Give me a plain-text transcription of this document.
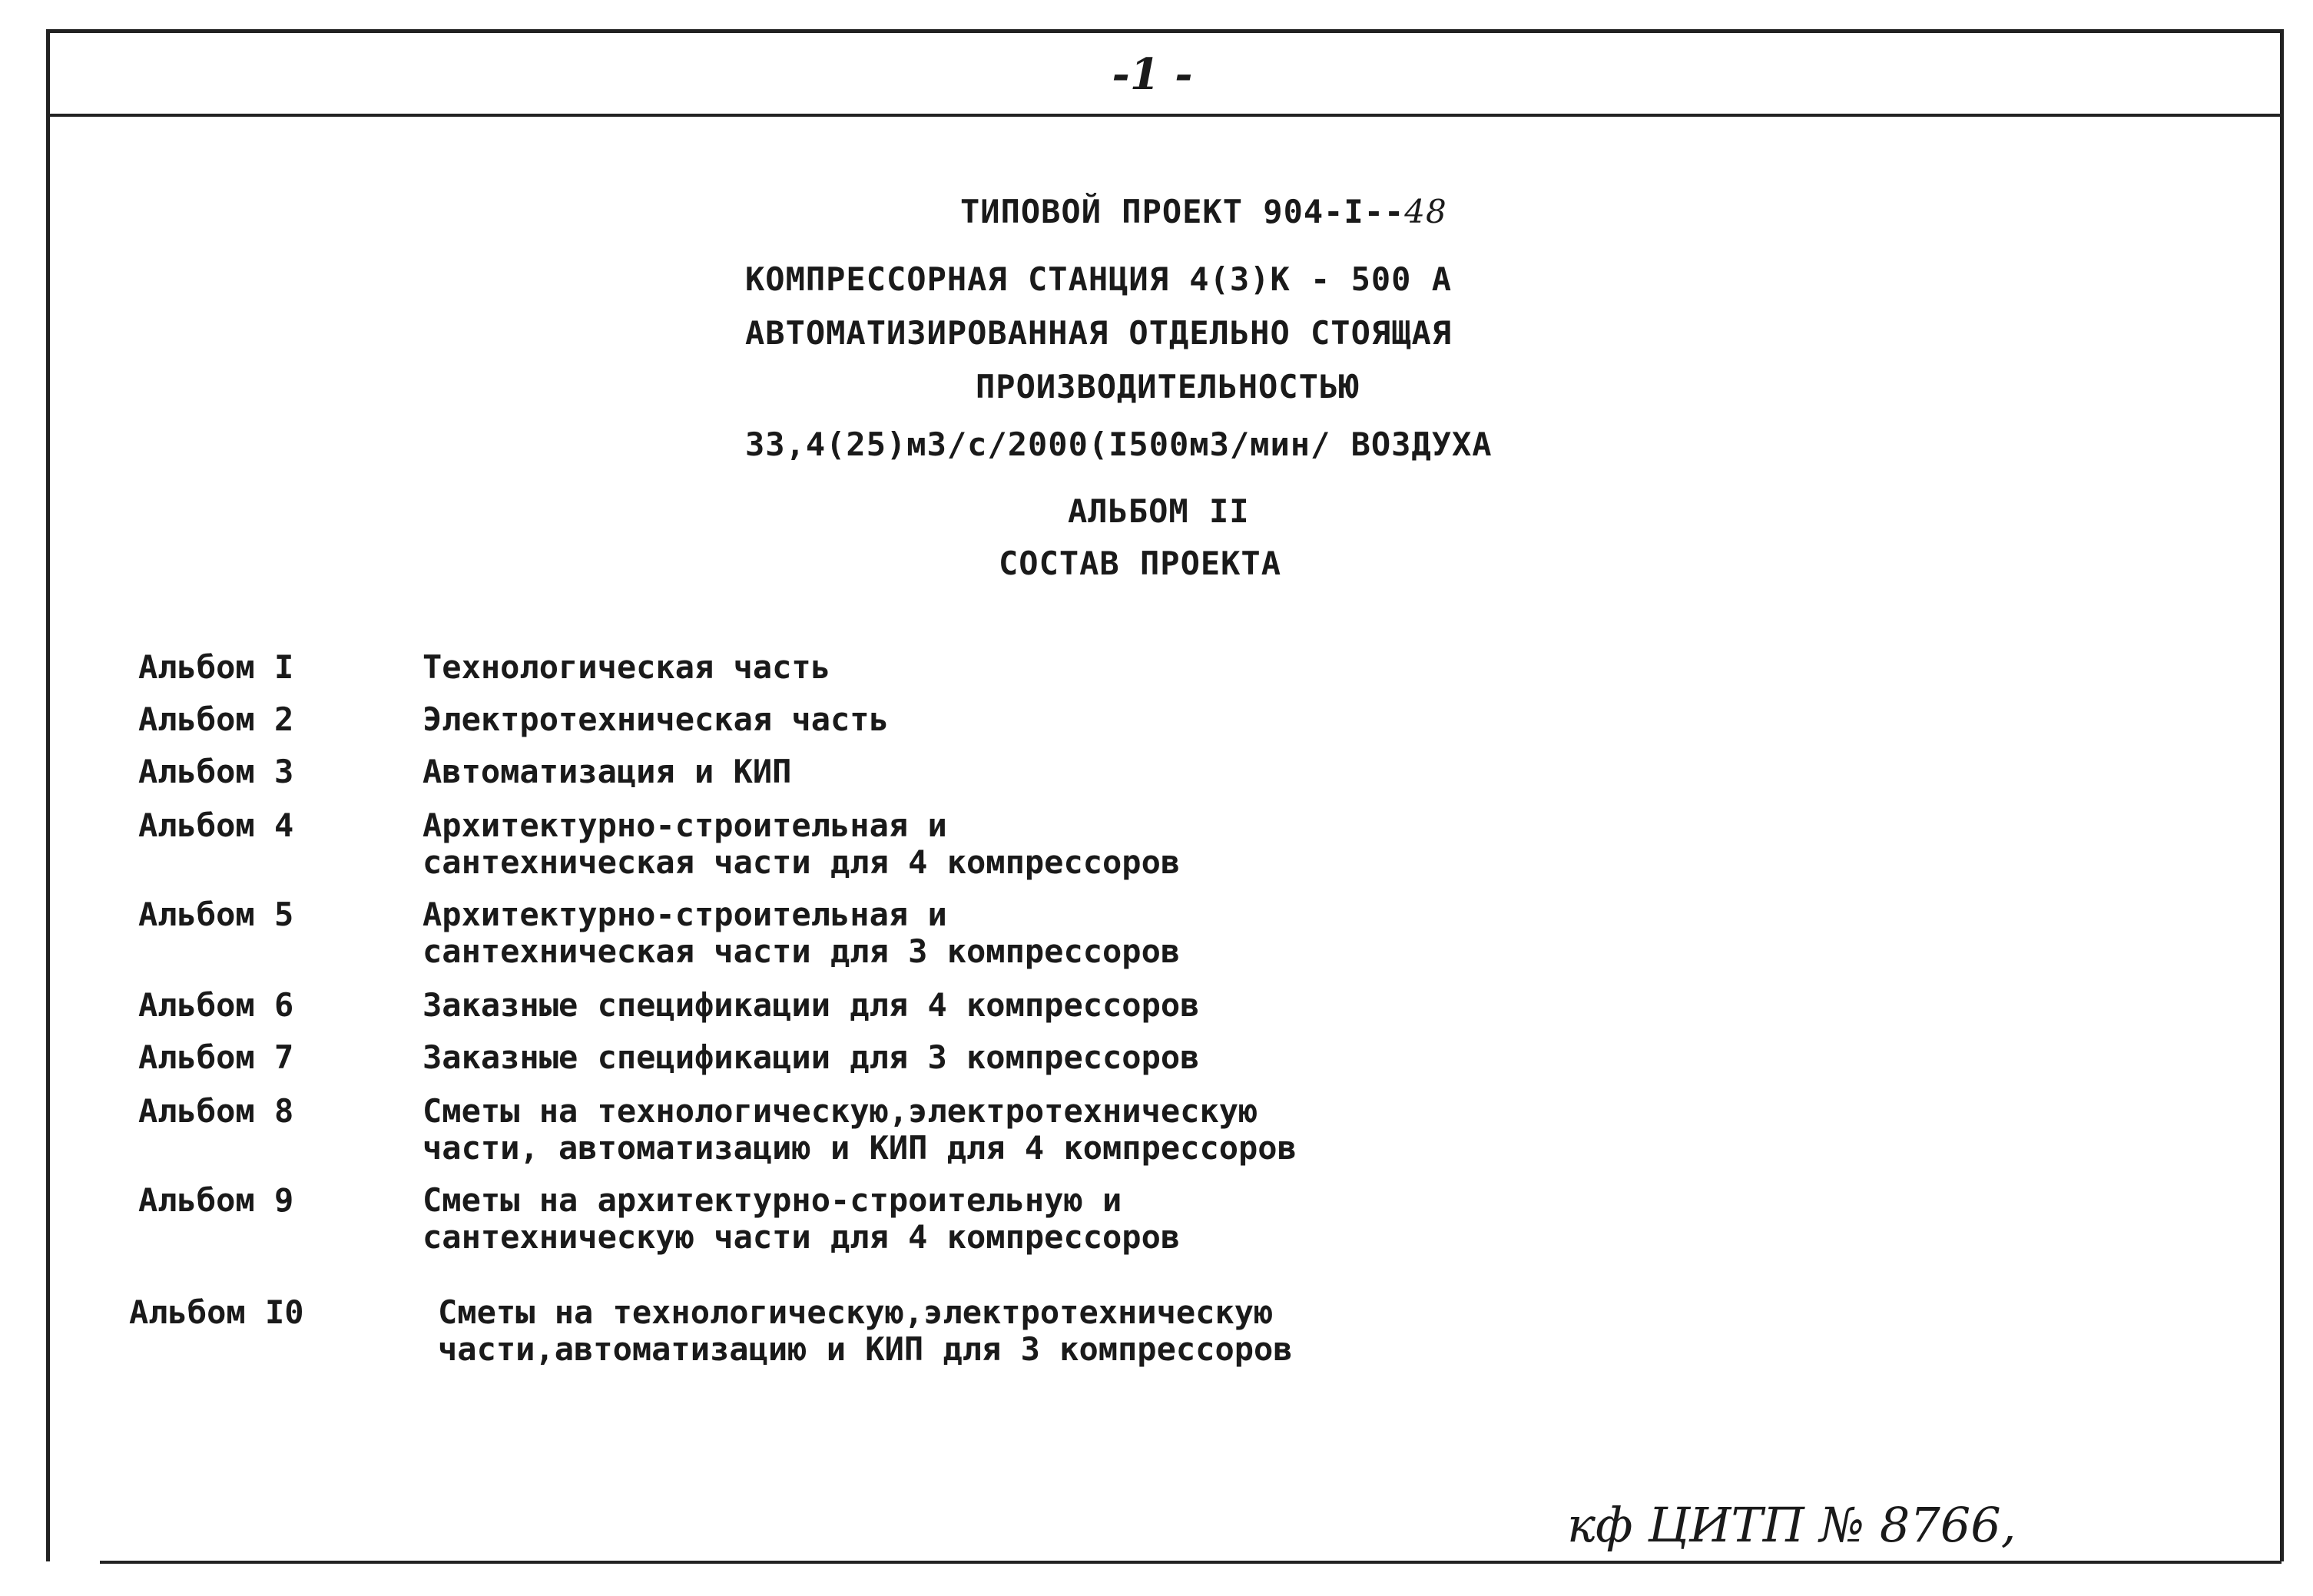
-1 -
ТИПОВОЙ ПРОЕКТ 904-I--48
КОМПРЕССОРНАЯ СТАНЦИЯ 4(3)К - 500 А
АВТОМАТИЗИРОВАННАЯ ОТДЕЛЬНО СТОЯЩАЯ
ПРОИЗВОДИТЕЛЬНОСТЬЮ
33,4(25)м3/с/2000(I500м3/мин/ ВОЗДУХА
АЛЬБОМ II
СОСТАВ ПРОЕКТА
Альбом I	Технологическая часть
Альбом 2	Электротехническая часть
Альбом 3	Автоматизация и КИП
Альбом 4	Архитектурно-строительная и
сантехническая части для 4 компрессоров
Альбом 5	Архитектурно-строительная и
сантехническая части для 3 компрессоров
Альбом 6	Заказные спецификации для 4 компрессоров
Альбом 7	Заказные спецификации для 3 компрессоров
Альбом 8	Сметы на технологическую,электротехническую
части, автоматизацию и КИП для 4 компрессоров
Альбом 9	Сметы на архитектурно-строительную и
сантехническую части для 4 компрессоров
Альбом I0	Сметы на технологическую,электротехническую
части,автоматизацию и КИП для 3 компрессоров
кф ЦИТП № 8766,
